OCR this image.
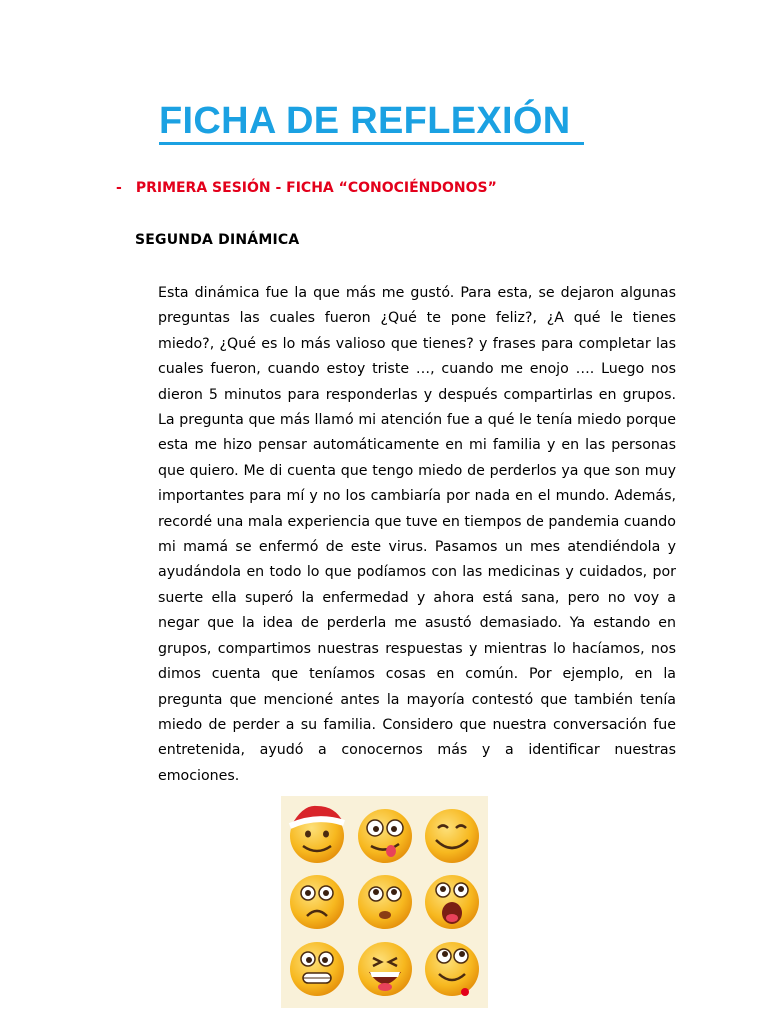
FICHA DE REFLEXIÓN
- PRIMERA SESIÓN - FICHA “CONOCIÉNDONOS”
SEGUNDA DINÁMICA

Esta dinámica fue la que más me gustó. Para esta, se dejaron algunas preguntas las cuales fueron ¿Qué te pone feliz?, ¿A qué le tienes miedo?, ¿Qué es lo más valioso que tienes? y frases para completar las cuales fueron, cuando estoy triste …, cuando me enojo …. Luego nos dieron 5 minutos para responderlas y después compartirlas en grupos. La pregunta que más llamó mi atención fue a qué le tenía miedo porque esta me hizo pensar automáticamente en mi familia y en las personas que quiero. Me di cuenta que tengo miedo de perderlos ya que son muy importantes para mí y no los cambiaría por nada en el mundo. Además, recordé una mala experiencia que tuve en tiempos de pandemia cuando mi mamá se enfermó de este virus. Pasamos un mes atendiéndola y ayudándola en todo lo que podíamos con las medicinas y cuidados, por suerte ella superó la enfermedad y ahora está sana, pero no voy a negar que la idea de perderla me asustó demasiado. Ya estando en grupos, compartimos nuestras respuestas y mientras lo hacíamos, nos dimos cuenta que teníamos cosas en común. Por ejemplo, en la pregunta que mencioné antes la mayoría contestó que también tenía miedo de perder a su familia. Considero que nuestra conversación fue entretenida, ayudó a conocernos más y a identificar nuestras emociones.
